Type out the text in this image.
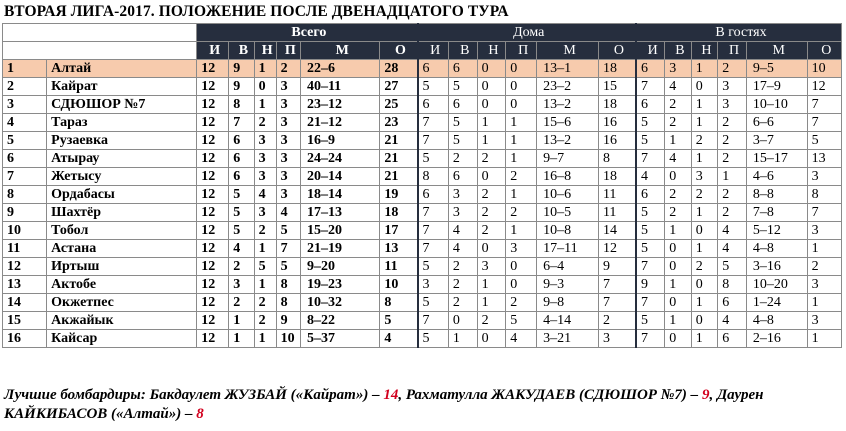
ВТОРАЯ ЛИГА-2017. ПОЛОЖЕНИЕ ПОСЛЕ ДВЕНАДЦАТОГО ТУРА
		Всего						Дома						В гостях					
		И	В	Н	П	М	О	И	В	Н	П	М	О	И	В	Н	П	М	О
1	Алтай	12	9	1	2	22–6	28	6	6	0	0	13–1	18	6	3	1	2	9–5	10
2	Кайрат	12	9	0	3	40–11	27	5	5	0	0	23–2	15	7	4	0	3	17–9	12
3	СДЮШОР №7	12	8	1	3	23–12	25	6	6	0	0	13–2	18	6	2	1	3	10–10	7
4	Тараз	12	7	2	3	21–12	23	7	5	1	1	15–6	16	5	2	1	2	6–6	7
5	Рузаевка	12	6	3	3	16–9	21	7	5	1	1	13–2	16	5	1	2	2	3–7	5
6	Атырау	12	6	3	3	24–24	21	5	2	2	1	9–7	8	7	4	1	2	15–17	13
7	Жетысу	12	6	3	3	20–14	21	8	6	0	2	16–8	18	4	0	3	1	4–6	3
8	Ордабасы	12	5	4	3	18–14	19	6	3	2	1	10–6	11	6	2	2	2	8–8	8
9	Шахтёр	12	5	3	4	17–13	18	7	3	2	2	10–5	11	5	2	1	2	7–8	7
10	Тобол	12	5	2	5	15–20	17	7	4	2	1	10–8	14	5	1	0	4	5–12	3
11	Астана	12	4	1	7	21–19	13	7	4	0	3	17–11	12	5	0	1	4	4–8	1
12	Иртыш	12	2	5	5	9–20	11	5	2	3	0	6–4	9	7	0	2	5	3–16	2
13	Актобе	12	3	1	8	19–23	10	3	2	1	0	9–3	7	9	1	0	8	10–20	3
14	Окжетпес	12	2	2	8	10–32	8	5	2	1	2	9–8	7	7	0	1	6	1–24	1
15	Акжайык	12	1	2	9	8–22	5	7	0	2	5	4–14	2	5	1	0	4	4–8	3
16	Кайсар	12	1	1	10	5–37	4	5	1	0	4	3–21	3	7	0	1	6	2–16	1
Лучшие бомбардиры: Бакдаулет ЖУЗБАЙ («Кайрат») – 14, Рахматулла ЖАКУДАЕВ (СДЮШОР №7) – 9, Даурен КАЙКИБАСОВ («Алтай») – 8
